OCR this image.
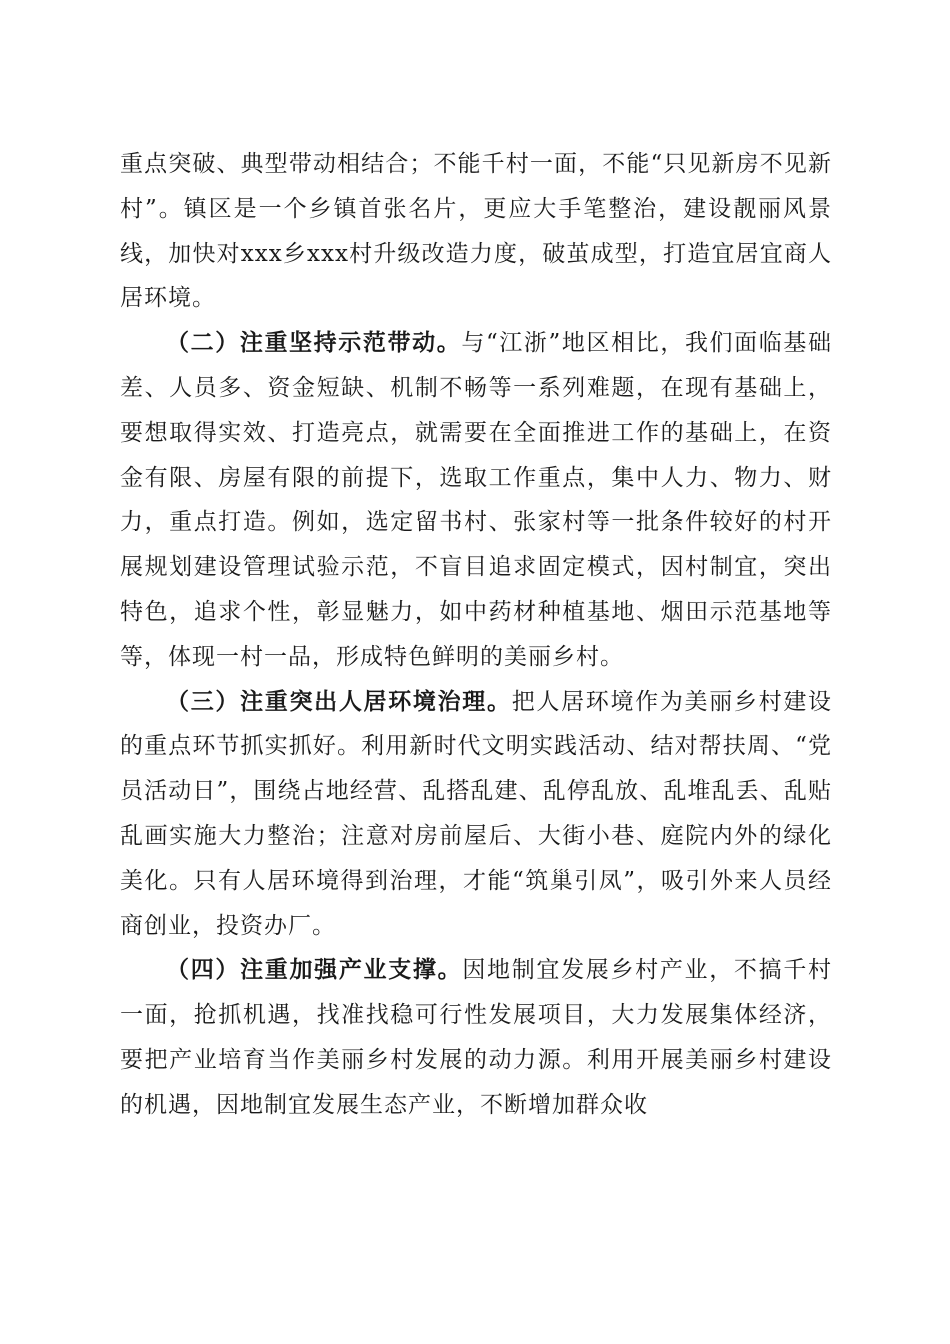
重点突破、典型带动相结合；不能千村一面，不能“只见新房不见新村”。镇区是一个乡镇首张名片，更应大手笔整治，建设靓丽风景线，加快对xxx乡xxx村升级改造力度，破茧成型，打造宜居宜商人居环境。

（二）注重坚持示范带动。与“江浙”地区相比，我们面临基础差、人员多、资金短缺、机制不畅等一系列难题，在现有基础上，要想取得实效、打造亮点，就需要在全面推进工作的基础上，在资金有限、房屋有限的前提下，选取工作重点，集中人力、物力、财力，重点打造。例如，选定留书村、张家村等一批条件较好的村开展规划建设管理试验示范，不盲目追求固定模式，因村制宜，突出特色，追求个性，彰显魅力，如中药材种植基地、烟田示范基地等等，体现一村一品，形成特色鲜明的美丽乡村。

（三）注重突出人居环境治理。把人居环境作为美丽乡村建设的重点环节抓实抓好。利用新时代文明实践活动、结对帮扶周、“党员活动日”，围绕占地经营、乱搭乱建、乱停乱放、乱堆乱丢、乱贴乱画实施大力整治；注意对房前屋后、大街小巷、庭院内外的绿化美化。只有人居环境得到治理，才能“筑巢引凤”，吸引外来人员经商创业，投资办厂。

（四）注重加强产业支撑。因地制宜发展乡村产业，不搞千村一面，抢抓机遇，找准找稳可行性发展项目，大力发展集体经济，要把产业培育当作美丽乡村发展的动力源。利用开展美丽乡村建设的机遇，因地制宜发展生态产业，不断增加群众收
